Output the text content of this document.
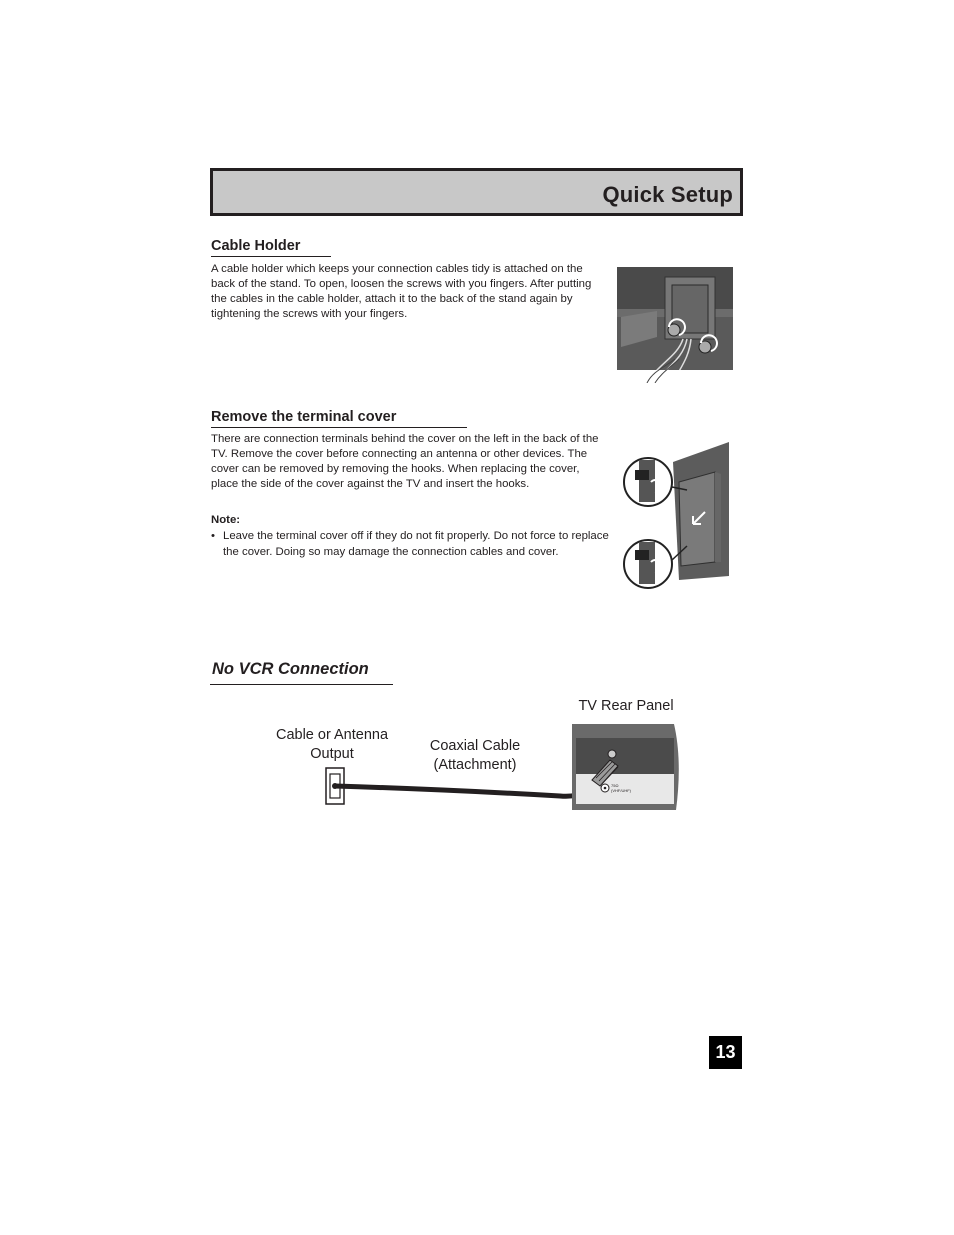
Quick Setup
Cable Holder
A cable holder which keeps your connection cables tidy is attached on the back of the stand. To open, loosen the screws with you fingers. After putting the cables in the cable holder, attach it to the back of the stand again by tightening the screws with your fingers.
Remove the terminal cover
There are connection terminals behind the cover on the left in the back of the TV. Remove the cover before connecting an antenna or other devices. The cover can be removed by removing the hooks. When replacing the cover, place the side of the cover against the TV and insert the hooks.
Note:
• Leave the terminal cover off if they do not fit properly. Do not force to replace the cover. Doing so may damage the connection cables and cover.
No VCR Connection
TV Rear Panel
Cable or Antenna
Output	Coaxial Cable
(Attachment)
75Ω
(VHF/UHF)
13
